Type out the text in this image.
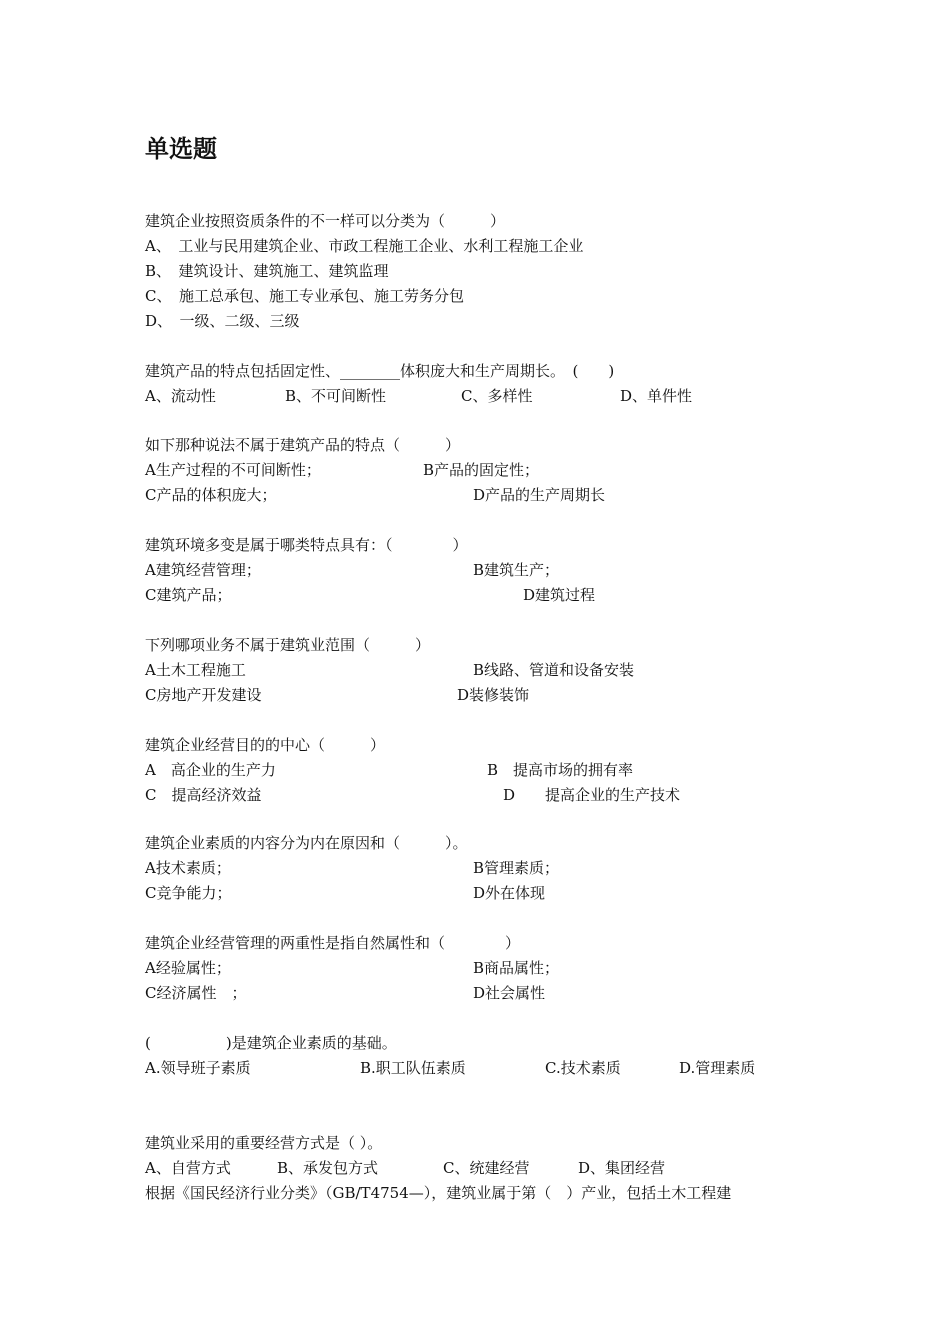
单选题
建筑企业按照资质条件的不一样可以分类为（　　　）
A、　工业与民用建筑企业、市政工程施工企业、水利工程施工企业
B、　建筑设计、建筑施工、建筑监理
C、　施工总承包、施工专业承包、施工劳务分包
D、　一级、二级、三级
建筑产品的特点包括固定性、________体积庞大和生产周期长。　(　　)
A、流动性	B、不可间断性	C、多样性	D、单件性
如下那种说法不属于建筑产品的特点（　　　）
A生产过程的不可间断性；	B产品的固定性；
C产品的体积庞大；	D产品的生产周期长
建筑环境多变是属于哪类特点具有：（　　　　）
A建筑经营管理；	B建筑生产；
C建筑产品；	D建筑过程
下列哪项业务不属于建筑业范围（　　　）
A土木工程施工	B线路、管道和设备安装
C房地产开发建设	D装修装饰
建筑企业经营目的的中心（　　　）
A　高企业的生产力	B　提高市场的拥有率
C　提高经济效益	D　　提高企业的生产技术
建筑企业素质的内容分为内在原因和（　　　）。
A技术素质；	B管理素质；
C竞争能力；	D外在体现
建筑企业经营管理的两重性是指自然属性和（　　　　）
A经验属性；	B商品属性；
C经济属性　；	D社会属性
(　　　　　)是建筑企业素质的基础。
A.领导班子素质	B.职工队伍素质	C.技术素质	D.管理素质
建筑业采用的重要经营方式是（ ）。
A、自营方式	B、承发包方式	C、统建经营	D、集团经营
根据《国民经济行业分类》（GB/T4754—），建筑业属于第（　）产业，包括土木工程建
